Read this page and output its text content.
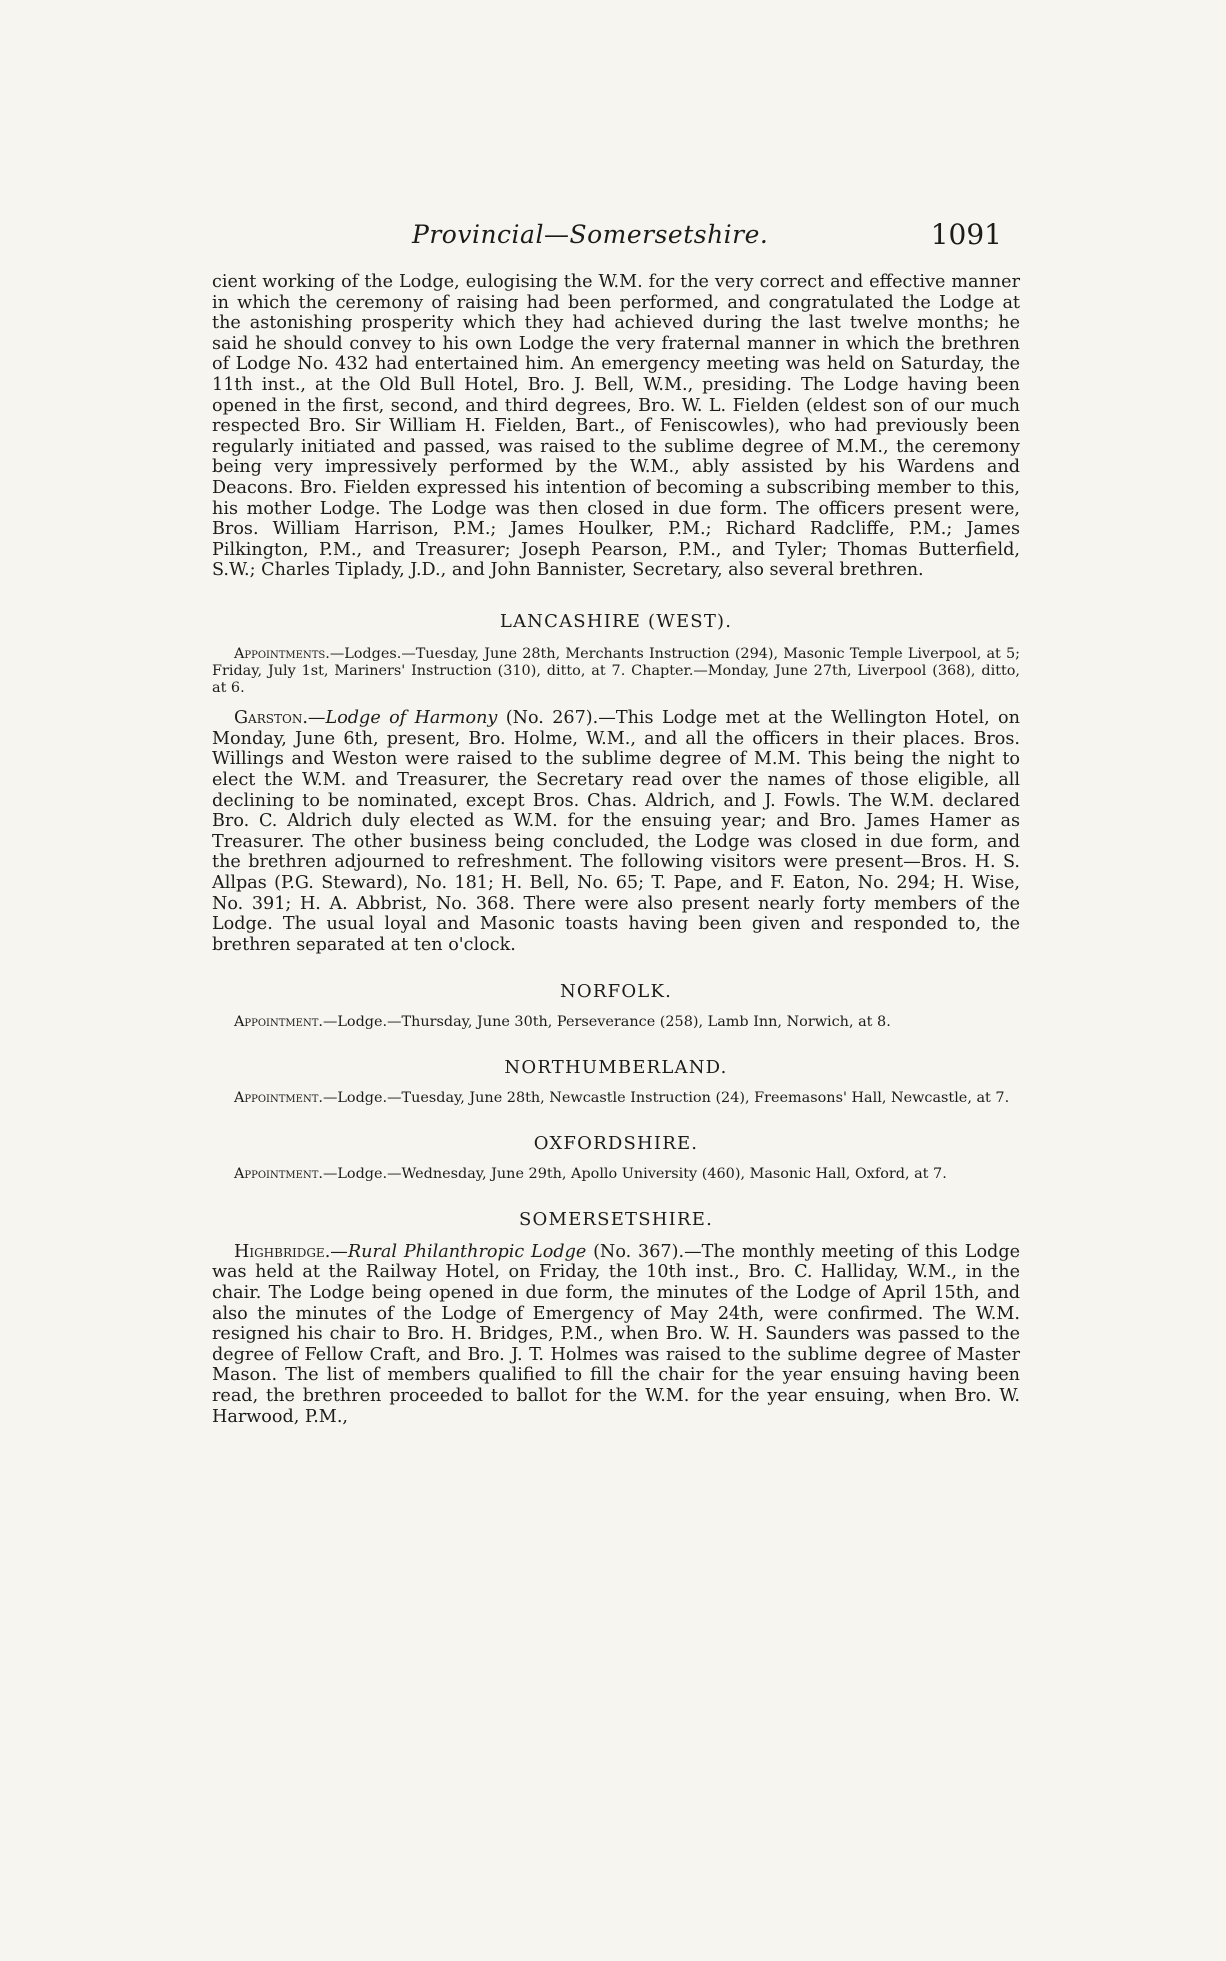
Provincial—Somersetshire.	1091

cient working of the Lodge, eulogising the W.M. for the very correct and effective manner in which the ceremony of raising had been performed, and congratulated the Lodge at the astonishing prosperity which they had achieved during the last twelve months; he said he should convey to his own Lodge the very fraternal manner in which the brethren of Lodge No. 432 had entertained him. An emergency meeting was held on Saturday, the 11th inst., at the Old Bull Hotel, Bro. J. Bell, W.M., presiding. The Lodge having been opened in the first, second, and third degrees, Bro. W. L. Fielden (eldest son of our much respected Bro. Sir William H. Fielden, Bart., of Feniscowles), who had previously been regularly initiated and passed, was raised to the sublime degree of M.M., the ceremony being very impressively performed by the W.M., ably assisted by his Wardens and Deacons. Bro. Fielden expressed his intention of becoming a subscribing member to this, his mother Lodge. The Lodge was then closed in due form. The officers present were, Bros. William Harrison, P.M.; James Houlker, P.M.; Richard Radcliffe, P.M.; James Pilkington, P.M., and Treasurer; Joseph Pearson, P.M., and Tyler; Thomas Butterfield, S.W.; Charles Tiplady, J.D., and John Bannister, Secretary, also several brethren.

LANCASHIRE (WEST).

Appointments.—Lodges.—Tuesday, June 28th, Merchants Instruction (294), Masonic Temple Liverpool, at 5; Friday, July 1st, Mariners' Instruction (310), ditto, at 7. Chapter.—Monday, June 27th, Liverpool (368), ditto, at 6.

Garston.—Lodge of Harmony (No. 267).—This Lodge met at the Wellington Hotel, on Monday, June 6th, present, Bro. Holme, W.M., and all the officers in their places. Bros. Willings and Weston were raised to the sublime degree of M.M. This being the night to elect the W.M. and Treasurer, the Secretary read over the names of those eligible, all declining to be nominated, except Bros. Chas. Aldrich, and J. Fowls. The W.M. declared Bro. C. Aldrich duly elected as W.M. for the ensuing year; and Bro. James Hamer as Treasurer. The other business being concluded, the Lodge was closed in due form, and the brethren adjourned to refreshment. The following visitors were present—Bros. H. S. Allpas (P.G. Steward), No. 181; H. Bell, No. 65; T. Pape, and F. Eaton, No. 294; H. Wise, No. 391; H. A. Abbrist, No. 368. There were also present nearly forty members of the Lodge. The usual loyal and Masonic toasts having been given and responded to, the brethren separated at ten o'clock.

NORFOLK.

Appointment.—Lodge.—Thursday, June 30th, Perseverance (258), Lamb Inn, Norwich, at 8.

NORTHUMBERLAND.

Appointment.—Lodge.—Tuesday, June 28th, Newcastle Instruction (24), Freemasons' Hall, Newcastle, at 7.

OXFORDSHIRE.

Appointment.—Lodge.—Wednesday, June 29th, Apollo University (460), Masonic Hall, Oxford, at 7.

SOMERSETSHIRE.

Highbridge.—Rural Philanthropic Lodge (No. 367).—The monthly meeting of this Lodge was held at the Railway Hotel, on Friday, the 10th inst., Bro. C. Halliday, W.M., in the chair. The Lodge being opened in due form, the minutes of the Lodge of April 15th, and also the minutes of the Lodge of Emergency of May 24th, were confirmed. The W.M. resigned his chair to Bro. H. Bridges, P.M., when Bro. W. H. Saunders was passed to the degree of Fellow Craft, and Bro. J. T. Holmes was raised to the sublime degree of Master Mason. The list of members qualified to fill the chair for the year ensuing having been read, the brethren proceeded to ballot for the W.M. for the year ensuing, when Bro. W. Harwood, P.M.,
